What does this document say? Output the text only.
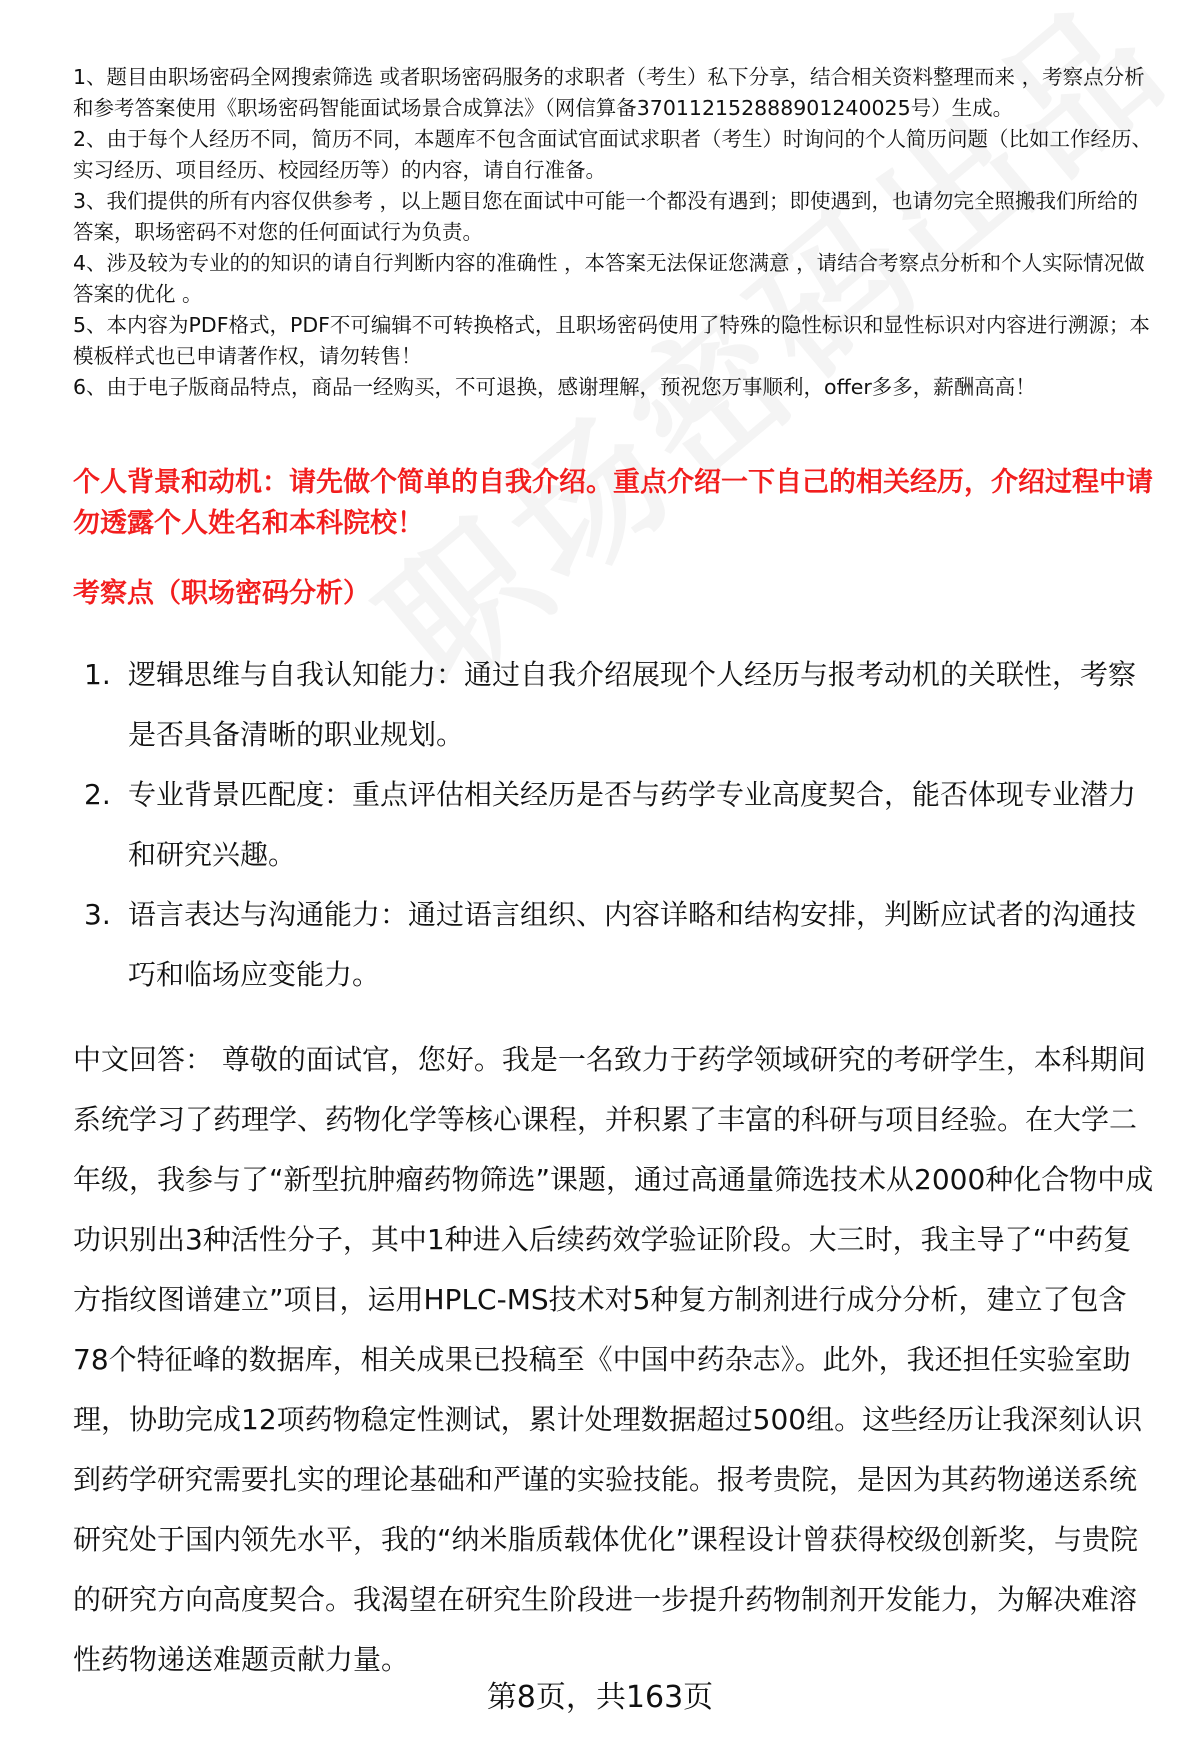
1、题目由职场密码全网搜索筛选 或者职场密码服务的求职者（考生）私下分享，结合相关资料整理而来 ，考察点分析和参考答案使用《职场密码智能面试场景合成算法》（网信算备370112152888901240025号）生成。
2、由于每个人经历不同，简历不同，本题库不包含面试官面试求职者（考生）时询问的个人简历问题（比如工作经历、实习经历、项目经历、校园经历等）的内容，请自行准备。
3、我们提供的所有内容仅供参考 ，以上题目您在面试中可能一个都没有遇到；即使遇到，也请勿完全照搬我们所给的答案，职场密码不对您的任何面试行为负责。
4、涉及较为专业的的知识的请自行判断内容的准确性 ，本答案无法保证您满意 ，请结合考察点分析和个人实际情况做答案的优化 。
5、本内容为PDF格式，PDF不可编辑不可转换格式，且职场密码使用了特殊的隐性标识和显性标识对内容进行溯源；本模板样式也已申请著作权，请勿转售！
6、由于电子版商品特点，商品一经购买，不可退换，感谢理解，预祝您万事顺利，offer多多，薪酬高高！
个人背景和动机：请先做个简单的自我介绍。重点介绍一下自己的相关经历，介绍过程中请勿透露个人姓名和本科院校！
考察点（职场密码分析）
1. 逻辑思维与自我认知能力：通过自我介绍展现个人经历与报考动机的关联性，考察是否具备清晰的职业规划。
2. 专业背景匹配度：重点评估相关经历是否与药学专业高度契合，能否体现专业潜力和研究兴趣。
3. 语言表达与沟通能力：通过语言组织、内容详略和结构安排，判断应试者的沟通技巧和临场应变能力。

中文回答： 尊敬的面试官，您好。我是一名致力于药学领域研究的考研学生，本科期间系统学习了药理学、药物化学等核心课程，并积累了丰富的科研与项目经验。在大学二年级，我参与了“新型抗肿瘤药物筛选”课题，通过高通量筛选技术从2000种化合物中成功识别出3种活性分子，其中1种进入后续药效学验证阶段。大三时，我主导了“中药复方指纹图谱建立”项目，运用HPLC-MS技术对5种复方制剂进行成分分析，建立了包含78个特征峰的数据库，相关成果已投稿至《中国中药杂志》。此外，我还担任实验室助理，协助完成12项药物稳定性测试，累计处理数据超过500组。这些经历让我深刻认识到药学研究需要扎实的理论基础和严谨的实验技能。报考贵院，是因为其药物递送系统研究处于国内领先水平，我的“纳米脂质载体优化”课程设计曾获得校级创新奖，与贵院的研究方向高度契合。我渴望在研究生阶段进一步提升药物制剂开发能力，为解决难溶性药物递送难题贡献力量。

第8页，共163页
